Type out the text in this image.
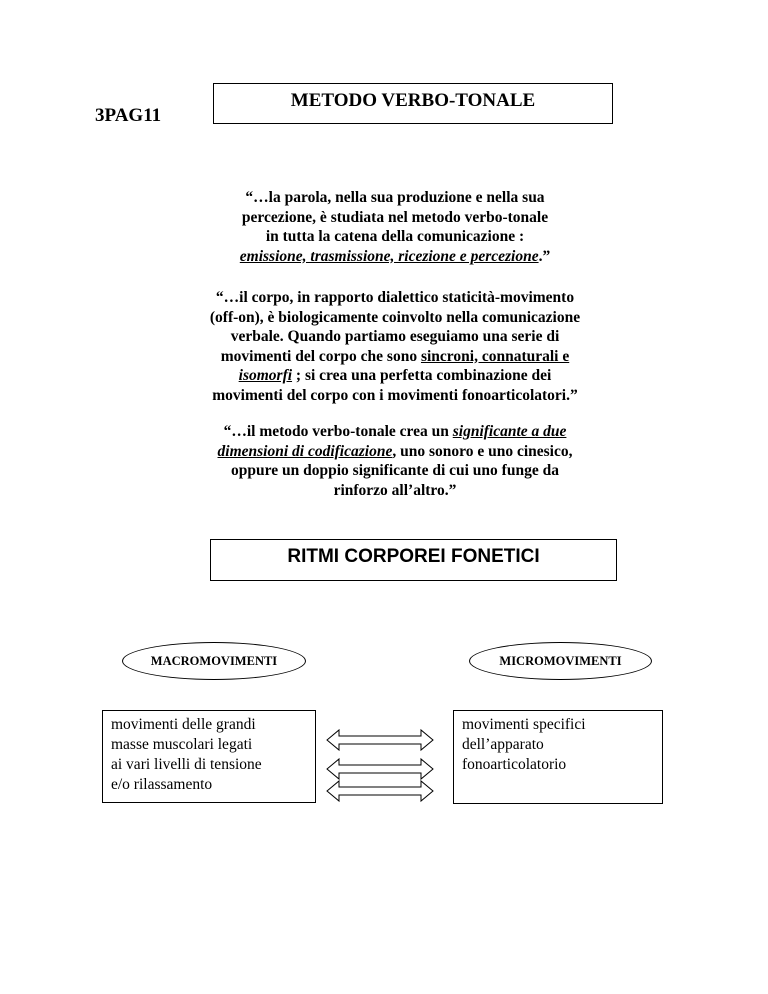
3PAG11
METODO VERBO-TONALE
“…la parola, nella sua produzione e nella sua
percezione, è studiata nel metodo verbo-tonale
in tutta la catena della comunicazione :
emissione, trasmissione, ricezione e percezione.”
“…il corpo, in rapporto dialettico staticità-movimento
(off-on), è biologicamente coinvolto nella comunicazione
verbale. Quando partiamo eseguiamo una serie di
movimenti del corpo che sono sincroni, connaturali e
isomorfi ; si crea una perfetta combinazione dei
movimenti del corpo con i movimenti fonoarticolatori.”
“…il metodo verbo-tonale crea un significante a due
dimensioni di codificazione, uno sonoro e uno cinesico,
oppure un doppio significante di cui uno funge da
rinforzo all’altro.”
RITMI CORPOREI FONETICI
MACROMOVIMENTI	MICROMOVIMENTI
movimenti delle grandi
masse muscolari legati
ai vari livelli di tensione
e/o rilassamento
movimenti specifici
dell’apparato
fonoarticolatorio
